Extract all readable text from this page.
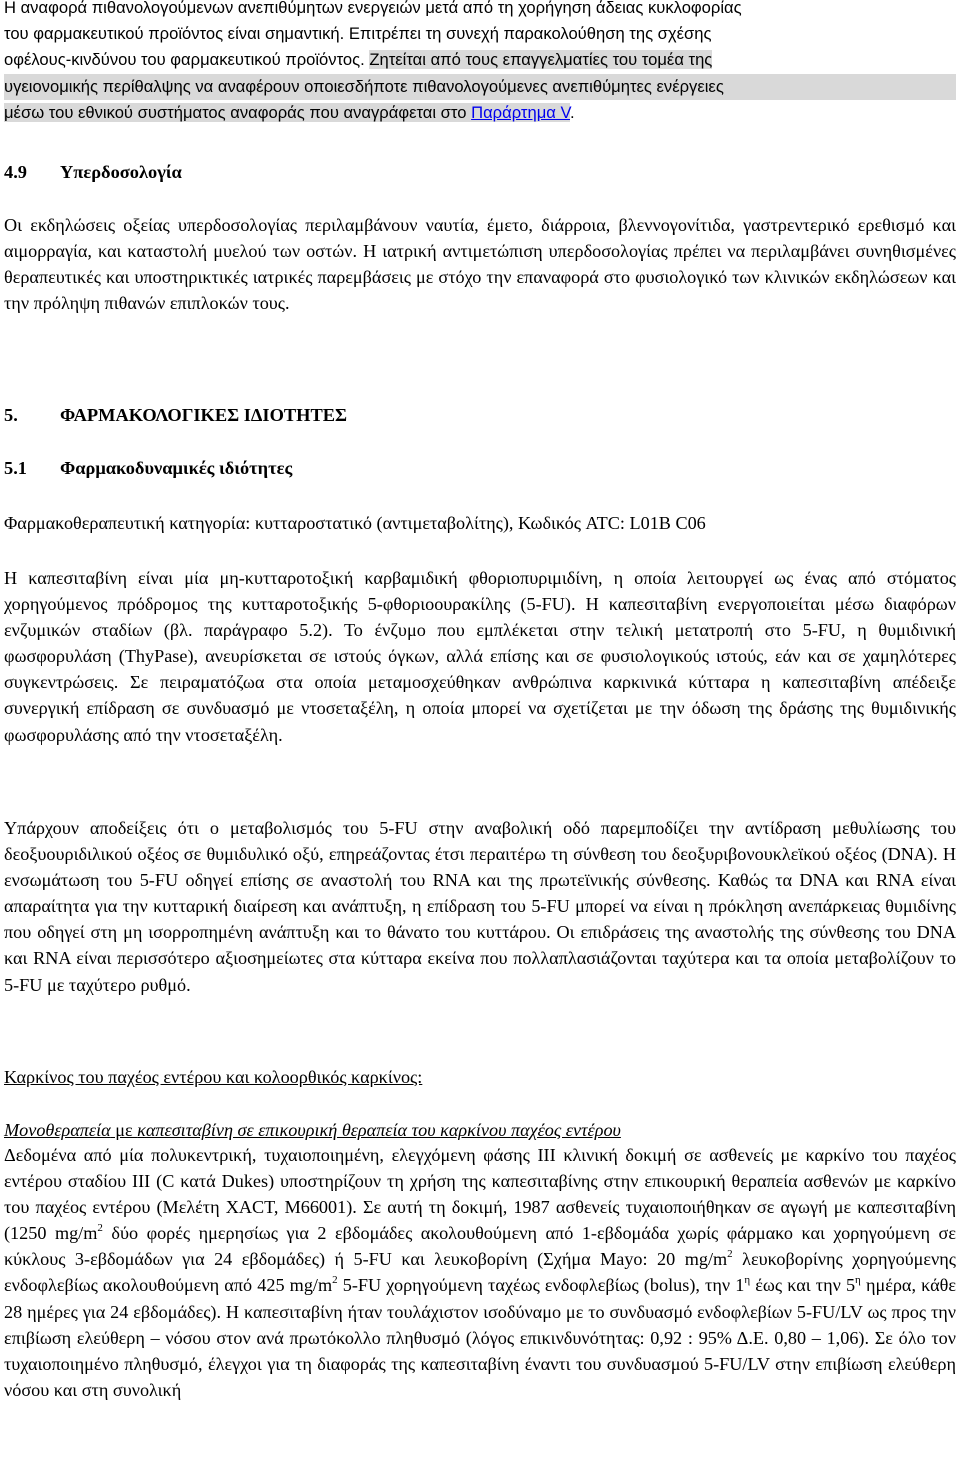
Η αναφορά πιθανολογούμενων ανεπιθύμητων ενεργειών μετά από τη χορήγηση άδειας κυκλοφορίας
του φαρμακευτικού προϊόντος είναι σημαντική. Επιτρέπει τη συνεχή παρακολούθηση της σχέσης
οφέλους-κινδύνου του φαρμακευτικού προϊόντος. Ζητείται από τους επαγγελματίες του τομέα της
υγειονομικής περίθαλψης να αναφέρουν οποιεσδήποτε πιθανολογούμενες ανεπιθύμητες ενέργειες
μέσω του εθνικού συστήματος αναφοράς που αναγράφεται στο Παράρτημα V.
4.9 Υπερδοσολογία

Οι εκδηλώσεις οξείας υπερδοσολογίας περιλαμβάνουν ναυτία, έμετο, διάρροια, βλεννογονίτιδα, γαστρεντερικό ερεθισμό και αιμορραγία, και καταστολή μυελού των οστών. Η ιατρική αντιμετώπιση υπερδοσολογίας πρέπει να περιλαμβάνει συνηθισμένες θεραπευτικές και υποστηρικτικές ιατρικές παρεμβάσεις με στόχο την επαναφορά στο φυσιολογικό των κλινικών εκδηλώσεων και την πρόληψη πιθανών επιπλοκών τους.

5. ΦΑΡΜΑΚΟΛΟΓΙΚΕΣ ΙΔΙΟΤΗΤΕΣ
5.1 Φαρμακοδυναμικές ιδιότητες

Φαρμακοθεραπευτική κατηγορία: κυτταροστατικό (αντιμεταβολίτης), Κωδικός ATC: L01B C06

Η καπεσιταβίνη είναι μία μη-κυτταροτοξική καρβαμιδική φθοριοπυριμιδίνη, η οποία λειτουργεί ως ένας από στόματος χορηγούμενος πρόδρομος της κυτταροτοξικής 5-φθοριοουρακίλης (5-FU). Η καπεσιταβίνη ενεργοποιείται μέσω διαφόρων ενζυμικών σταδίων (βλ. παράγραφο 5.2). Το ένζυμο που εμπλέκεται στην τελική μετατροπή στο 5-FU, η θυμιδινική φωσφορυλάση (ThyPase), ανευρίσκεται σε ιστούς όγκων, αλλά επίσης και σε φυσιολογικούς ιστούς, εάν και σε χαμηλότερες συγκεντρώσεις. Σε πειραματόζωα στα οποία μεταμοσχεύθηκαν ανθρώπινα καρκινικά κύτταρα η καπεσιταβίνη απέδειξε συνεργική επίδραση σε συνδυασμό με ντοσεταξέλη, η οποία μπορεί να σχετίζεται με την όδωση της δράσης της θυμιδινικής φωσφορυλάσης από την ντοσεταξέλη.

Υπάρχουν αποδείξεις ότι ο μεταβολισμός του 5-FU στην αναβολική οδό παρεμποδίζει την αντίδραση μεθυλίωσης του δεοξυουριδιλικού οξέος σε θυμιδυλικό οξύ, επηρεάζοντας έτσι περαιτέρω τη σύνθεση του δεοξυριβονουκλεϊκού οξέος (DNA). Η ενσωμάτωση του 5-FU οδηγεί επίσης σε αναστολή του RNA και της πρωτεϊνικής σύνθεσης. Καθώς τα DNA και RNA είναι απαραίτητα για την κυτταρική διαίρεση και ανάπτυξη, η επίδραση του 5-FU μπορεί να είναι η πρόκληση ανεπάρκειας θυμιδίνης που οδηγεί στη μη ισορροπημένη ανάπτυξη και το θάνατο του κυττάρου. Οι επιδράσεις της αναστολής της σύνθεσης του DNA και RNA είναι περισσότερο αξιοσημείωτες στα κύτταρα εκείνα που πολλαπλασιάζονται ταχύτερα και τα οποία μεταβολίζουν το 5-FU με ταχύτερο ρυθμό.

Καρκίνος του παχέος εντέρου και κολοορθικός καρκίνος:

Μονοθεραπεία με καπεσιταβίνη σε επικουρική θεραπεία του καρκίνου παχέος εντέρου

Δεδομένα από μία πολυκεντρική, τυχαιοποιημένη, ελεγχόμενη φάσης III κλινική δοκιμή σε ασθενείς με καρκίνο του παχέος εντέρου σταδίου III (C κατά Dukes) υποστηρίζουν τη χρήση της καπεσιταβίνης στην επικουρική θεραπεία ασθενών με καρκίνο του παχέος εντέρου (Μελέτη XACT, M66001). Σε αυτή τη δοκιμή, 1987 ασθενείς τυχαιοποιήθηκαν σε αγωγή με καπεσιταβίνη (1250 $mg/m^2$ δύο φορές ημερησίως για 2 εβδομάδες ακολουθούμενη από 1-εβδομάδα χωρίς φάρμακο και χορηγούμενη σε κύκλους 3-εβδομάδων για 24 εβδομάδες) ή 5-FU και λευκοβορίνη (Σχήμα Mayo: 20 $mg/m^2$ λευκοβορίνης χορηγούμενης ενδοφλεβίως ακολουθούμενη από 425 $mg/m^2$ 5-FU χορηγούμενη ταχέως ενδοφλεβίως (bolus), την $1^\eta$ έως και την $5^\eta$ ημέρα, κάθε 28 ημέρες για 24 εβδομάδες). Η καπεσιταβίνη ήταν τουλάχιστον ισοδύναμο με το συνδυασμό ενδοφλεβίων 5-FU/LV ως προς την επιβίωση ελεύθερη – νόσου στον ανά πρωτόκολλο πληθυσμό (λόγος επικινδυνότητας: 0,92 : 95% Δ.Ε. 0,80 – 1,06). Σε όλο τον τυχαιοποιημένο πληθυσμό, έλεγχοι για τη διαφοράς της καπεσιταβίνη έναντι του συνδυασμού 5-FU/LV στην επιβίωση ελεύθερη νόσου και στη συνολική
